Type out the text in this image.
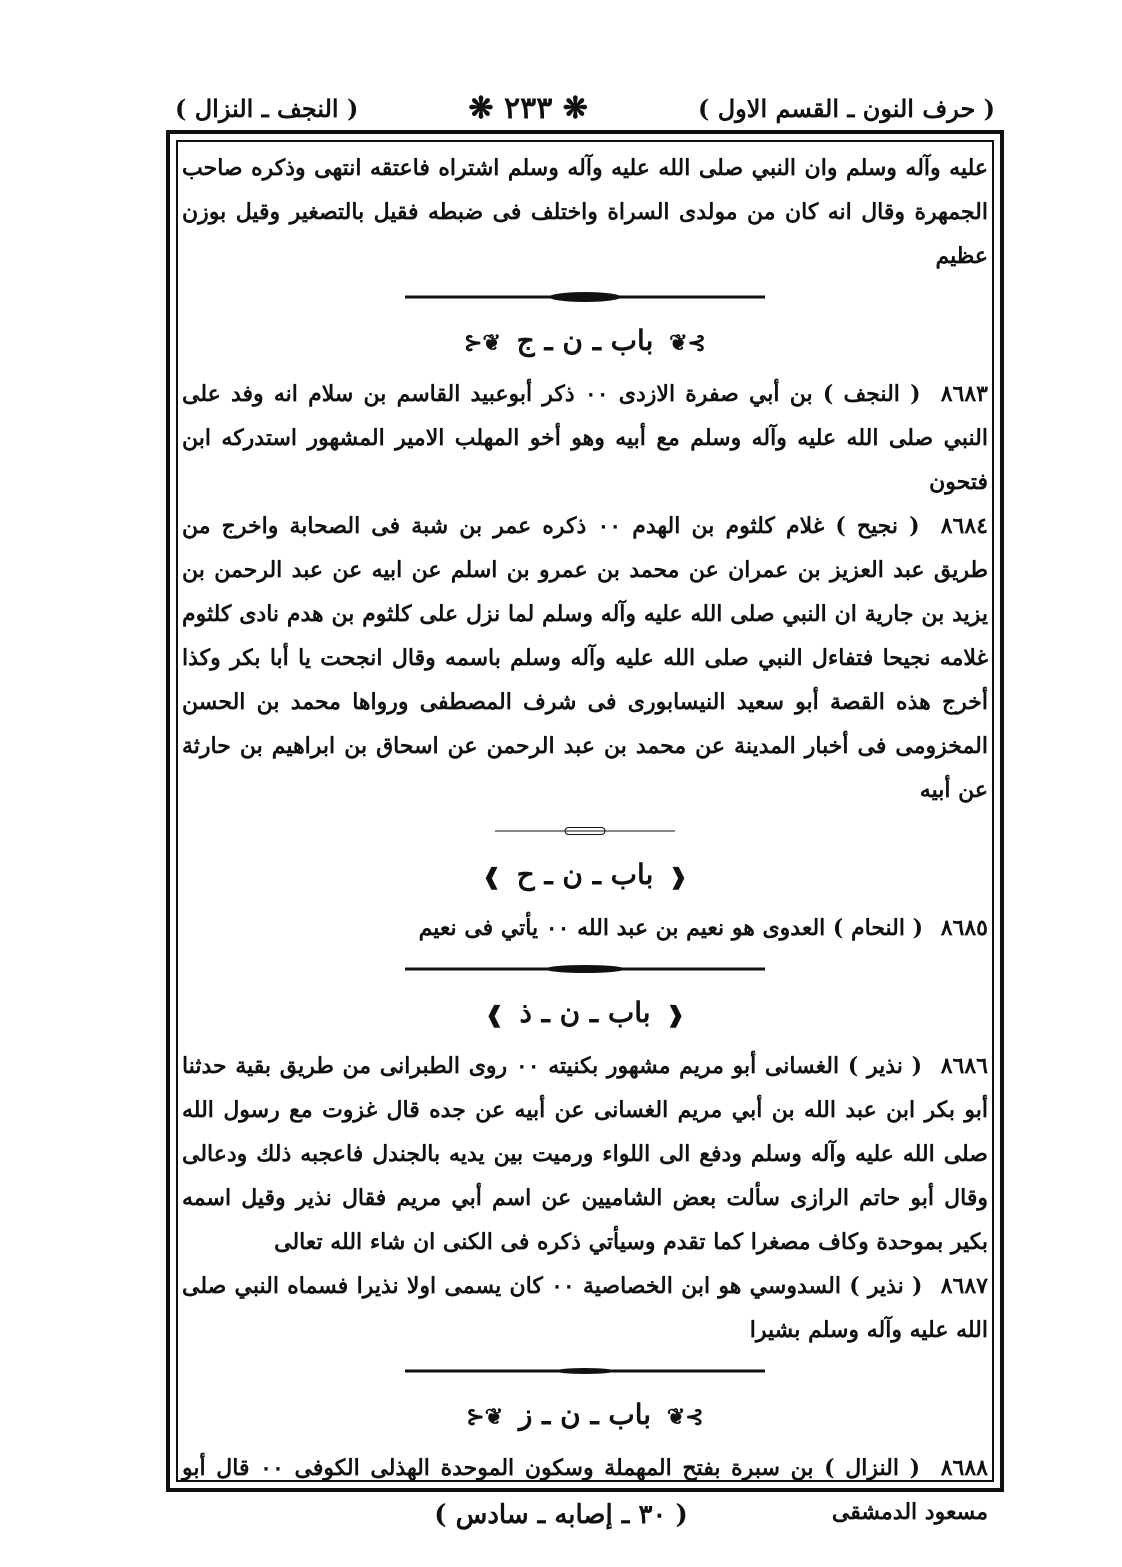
( حرف النون ـ القسم الاول )
❋ ٢٣٣ ❋
( النجف ـ النزال )

عليه وآله وسلم وان النبي صلى الله عليه وآله وسلم اشتراه فاعتقه انتهى وذكره صاحب الجمهرة وقال انه كان من مولدى السراة واختلف فى ضبطه فقيل بالتصغير وقيل بوزن عظيم

⊱❦ باب ـ ن ـ ج ❦⊰

٨٦٨٣ ( النجف ) بن أبي صفرة الازدى ٠٠ ذكر أبوعبيد القاسم بن سلام انه وفد على النبي صلى الله عليه وآله وسلم مع أبيه وهو أخو المهلب الامير المشهور استدركه ابن فتحون

٨٦٨٤ ( نجيح ) غلام كلثوم بن الهدم ٠٠ ذكره عمر بن شبة فى الصحابة واخرج من طريق عبد العزيز بن عمران عن محمد بن عمرو بن اسلم عن ابيه عن عبد الرحمن بن يزيد بن جارية ان النبي صلى الله عليه وآله وسلم لما نزل على كلثوم بن هدم نادى كلثوم غلامه نجيحا فتفاءل النبي صلى الله عليه وآله وسلم باسمه وقال انجحت يا أبا بكر وكذا أخرج هذه القصة أبو سعيد النيسابورى فى شرف المصطفى ورواها محمد بن الحسن المخزومى فى أخبار المدينة عن محمد بن عبد الرحمن عن اسحاق بن ابراهيم بن حارثة عن أبيه

❰ باب ـ ن ـ ح ❱

٨٦٨٥ ( النحام ) العدوى هو نعيم بن عبد الله ٠٠ يأتي فى نعيم

❰ باب ـ ن ـ ذ ❱

٨٦٨٦ ( نذير ) الغسانى أبو مريم مشهور بكنيته ٠٠ روى الطبرانى من طريق بقية حدثنا أبو بكر ابن عبد الله بن أبي مريم الغسانى عن أبيه عن جده قال غزوت مع رسول الله صلى الله عليه وآله وسلم ودفع الى اللواء ورميت بين يديه بالجندل فاعجبه ذلك ودعالى وقال أبو حاتم الرازى سألت بعض الشاميين عن اسم أبي مريم فقال نذير وقيل اسمه بكير بموحدة وكاف مصغرا كما تقدم وسيأتي ذكره فى الكنى ان شاء الله تعالى

٨٦٨٧ ( نذير ) السدوسي هو ابن الخصاصية ٠٠ كان يسمى اولا نذيرا فسماه النبي صلى الله عليه وآله وسلم بشيرا

⊱❦ باب ـ ن ـ ز ❦⊰

٨٦٨٨ ( النزال ) بن سبرة بفتح المهملة وسكون الموحدة الهذلى الكوفى ٠٠ قال أبو مسعود الدمشقى

( ٣٠ ـ إصابه ـ سادس )
